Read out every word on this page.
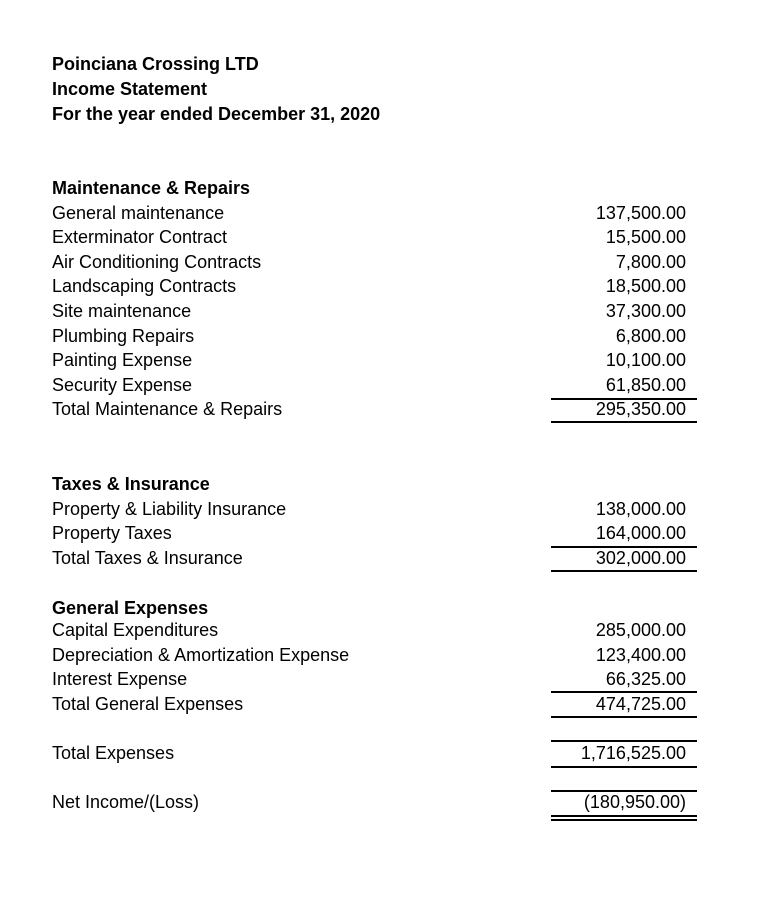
Poinciana Crossing LTD
Income Statement
For the year ended December 31, 2020
Maintenance & Repairs
General maintenance	137,500.00
Exterminator Contract	15,500.00
Air Conditioning Contracts	7,800.00
Landscaping Contracts	18,500.00
Site maintenance	37,300.00
Plumbing Repairs	6,800.00
Painting Expense	10,100.00
Security Expense	61,850.00
Total Maintenance & Repairs	295,350.00
Taxes & Insurance
Property & Liability Insurance	138,000.00
Property Taxes	164,000.00
Total Taxes & Insurance	302,000.00
General Expenses
Capital Expenditures	285,000.00
Depreciation & Amortization Expense	123,400.00
Interest Expense	66,325.00
Total General Expenses	474,725.00
Total Expenses	1,716,525.00
Net Income/(Loss)	(180,950.00)
